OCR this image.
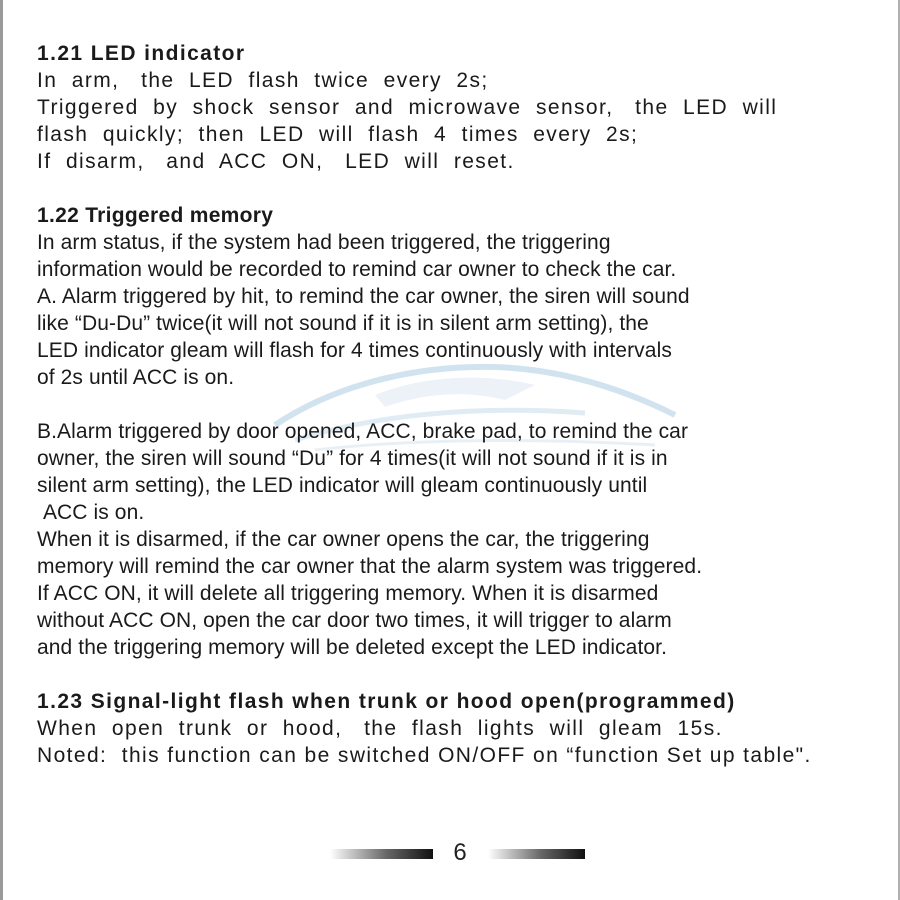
1.21 LED indicator

In  arm,   the  LED  flash  twice  every  2s;

Triggered  by  shock  sensor  and  microwave  sensor,   the  LED  will

flash  quickly;  then  LED  will  flash  4  times  every  2s;

If  disarm,   and  ACC  ON,   LED  will  reset.

1.22 Triggered memory

In arm status, if the system had been triggered, the triggering

information would be recorded to remind car owner to check the car.

A. Alarm triggered by hit, to remind the car owner, the siren will sound

like “Du-Du” twice(it will not sound if it is in silent arm setting), the

LED indicator gleam will flash for 4 times continuously with intervals

of 2s until ACC is on.

B.Alarm triggered by door opened, ACC, brake pad, to remind the car

owner, the siren will sound “Du” for 4 times(it will not sound if it is in

silent arm setting), the LED indicator will gleam continuously until

ACC is on.

When it is disarmed, if the car owner opens the car, the triggering

memory will remind the car owner that the alarm system was triggered.

If ACC ON, it will delete all triggering memory. When it is disarmed

without ACC ON, open the car door two times, it will trigger to alarm

and the triggering memory will be deleted except the LED indicator.

1.23 Signal-light flash when trunk or hood open(programmed)

When  open  trunk  or  hood,   the  flash  lights  will  gleam  15s.

Noted:  this function can be switched ON/OFF on “function Set up table".

6
